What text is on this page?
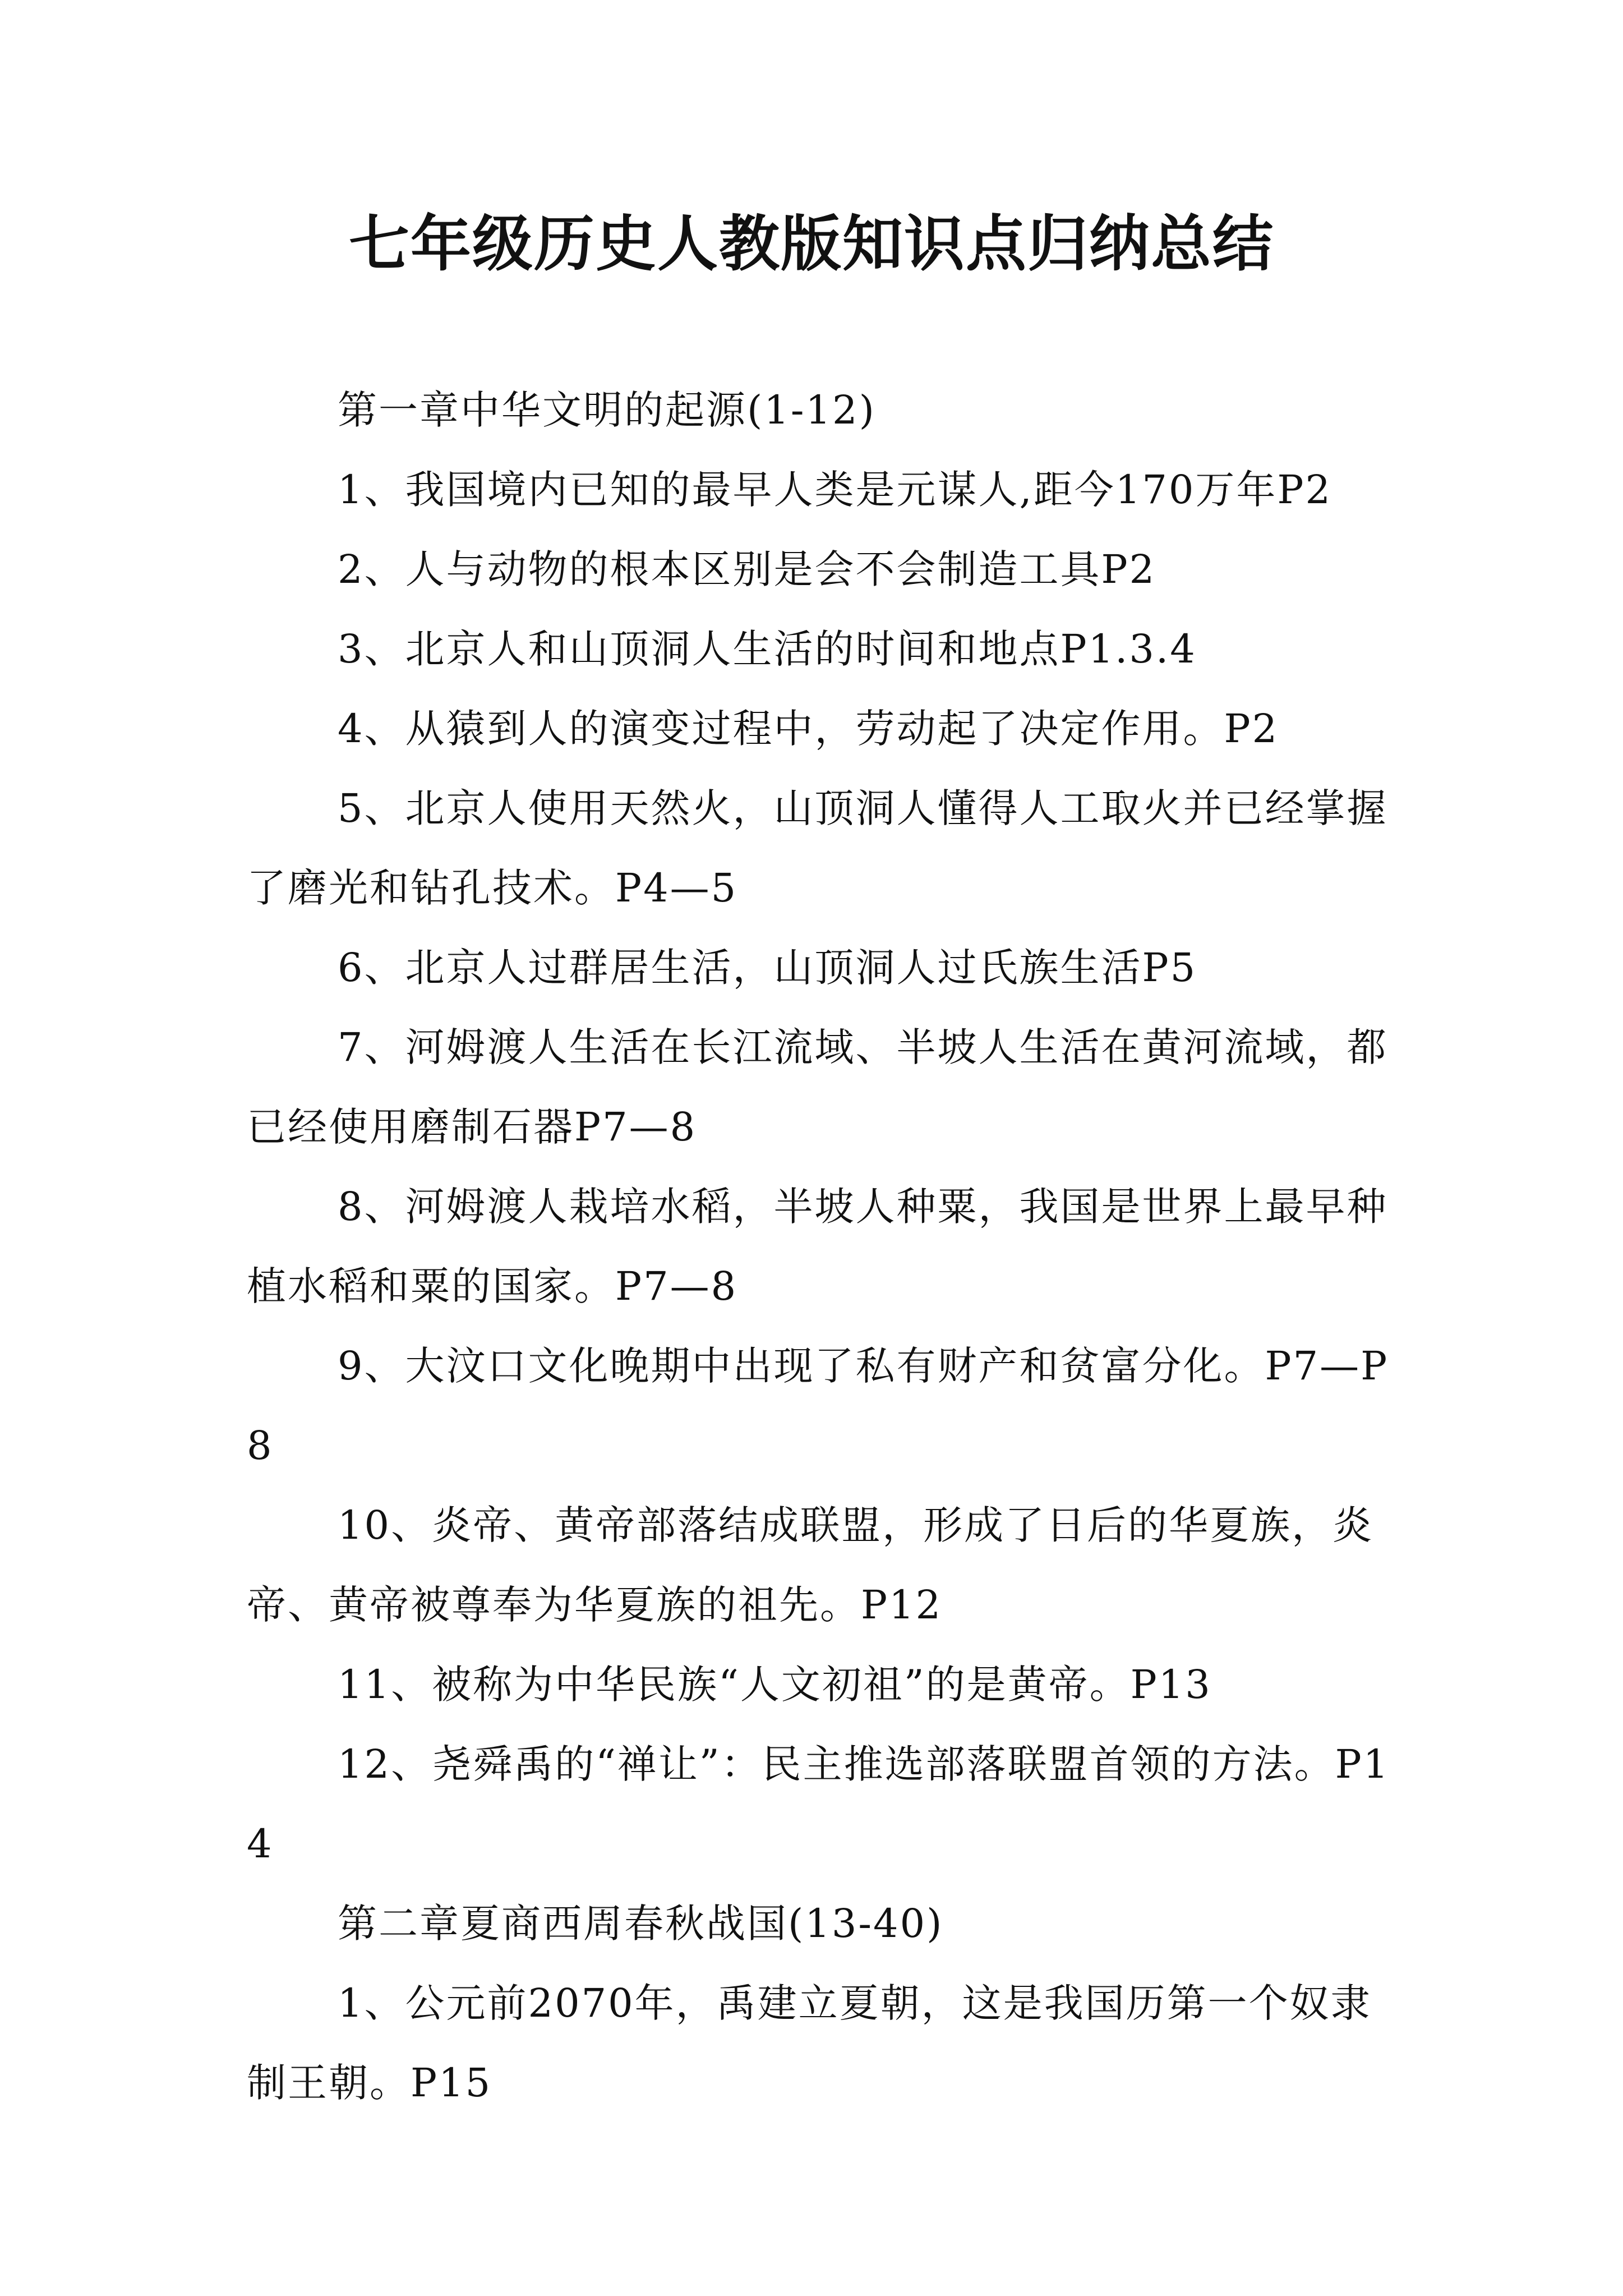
七年级历史人教版知识点归纳总结

第一章中华文明的起源(1-12)

1、我国境内已知的最早人类是元谋人,距今170万年P2

2、人与动物的根本区别是会不会制造工具P2

3、北京人和山顶洞人生活的时间和地点P1.3.4

4、从猿到人的演变过程中，劳动起了决定作用。P2

5、北京人使用天然火，山顶洞人懂得人工取火并已经掌握了磨光和钻孔技术。P4—5

6、北京人过群居生活，山顶洞人过氏族生活P5

7、河姆渡人生活在长江流域、半坡人生活在黄河流域，都已经使用磨制石器P7—8

8、河姆渡人栽培水稻，半坡人种粟，我国是世界上最早种植水稻和粟的国家。P7—8

9、大汶口文化晚期中出现了私有财产和贫富分化。P7—P8

10、炎帝、黄帝部落结成联盟，形成了日后的华夏族，炎帝、黄帝被尊奉为华夏族的祖先。P12

11、被称为中华民族“人文初祖”的是黄帝。P13

12、尧舜禹的“禅让”：民主推选部落联盟首领的方法。P14

第二章夏商西周春秋战国(13-40)

1、公元前2070年，禹建立夏朝，这是我国历第一个奴隶制王朝。P15
